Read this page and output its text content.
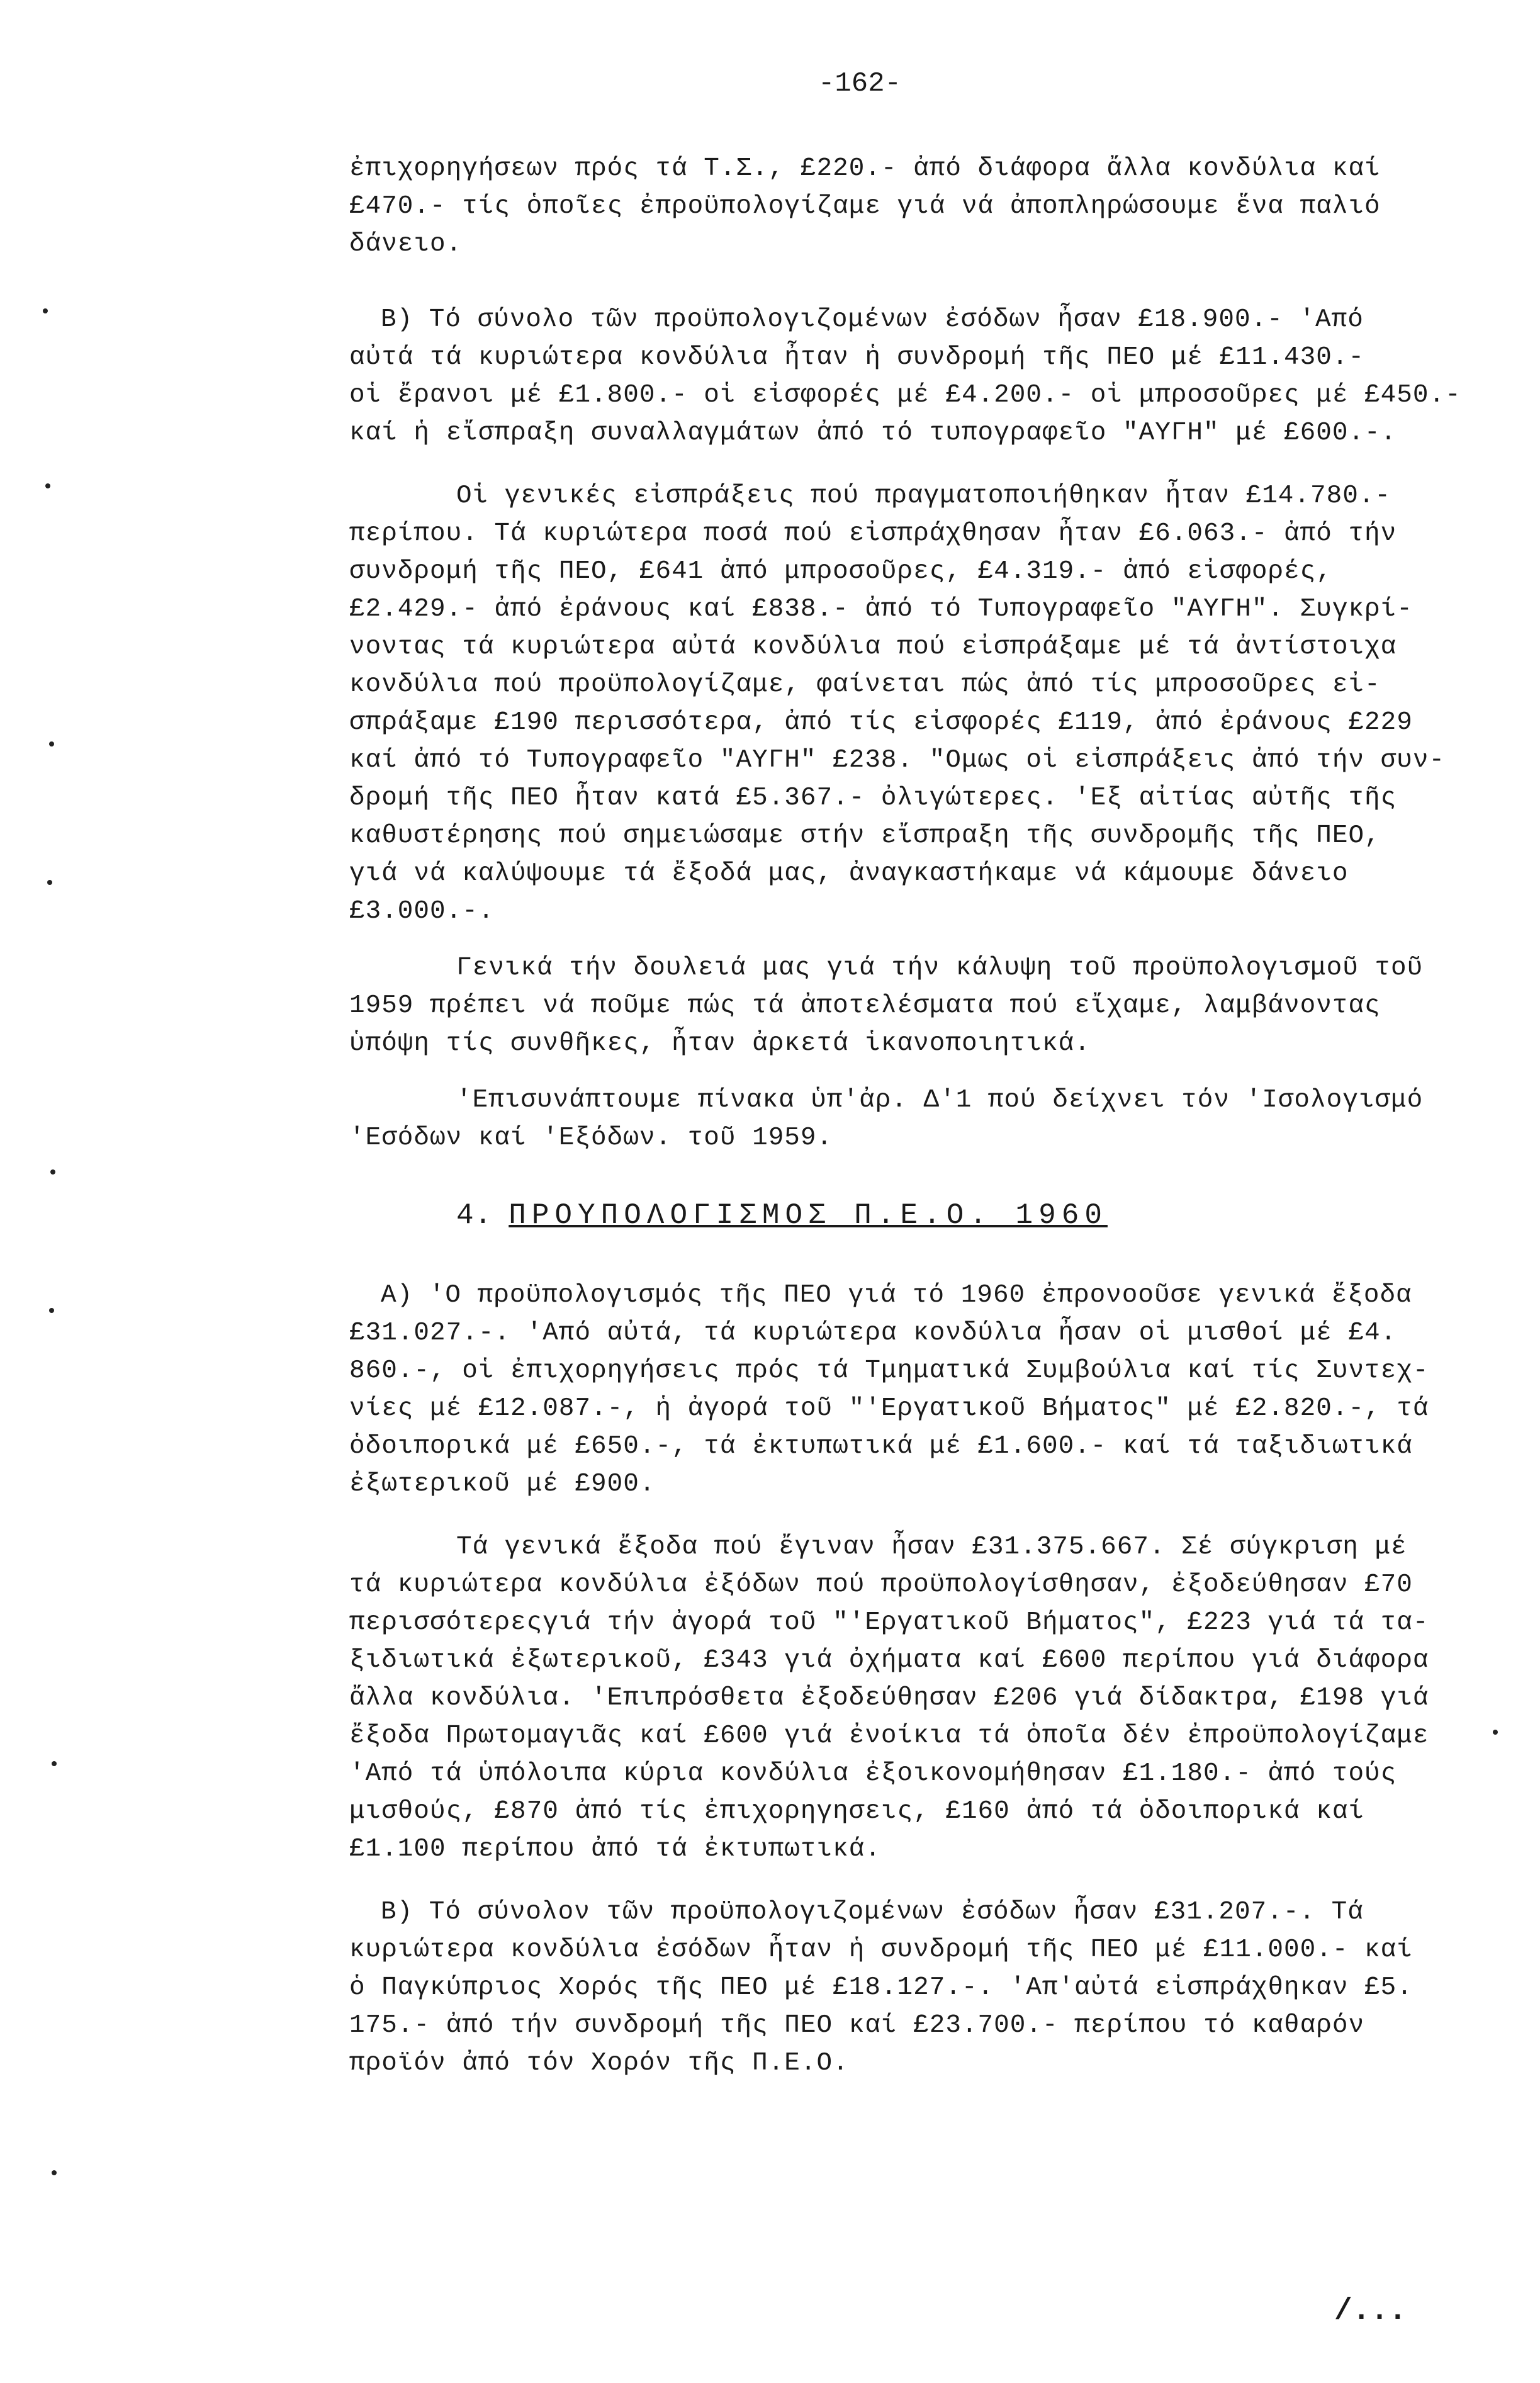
-162-
ἐπιχορηγήσεων πρός τά Τ.Σ., £220.- ἀπό διάφορα ἄλλα κονδύλια καί
£470.- τίς ὁποῖες ἐπροϋπολογίζαμε γιά νά ἀποπληρώσουμε ἕνα παλιό
δάνειο.
B) Τό σύνολο τῶν προϋπολογιζομένων ἐσόδων ἦσαν £18.900.- 'Από
αὐτά τά κυριώτερα κονδύλια ἦταν ἡ συνδρομή τῆς ΠΕΟ μέ £11.430.-
οἱ ἔρανοι μέ £1.800.- οἱ εἰσφορές μέ £4.200.- οἱ μπροσοῦρες μέ £450.-
καί ἡ εἴσπραξη συναλλαγμάτων ἀπό τό τυπογραφεῖο "ΑΥΓΗ" μέ £600.-.
Οἱ γενικές εἰσπράξεις πού πραγματοποιήθηκαν ἦταν £14.780.-
περίπου. Τά κυριώτερα ποσά πού εἰσπράχθησαν ἦταν £6.063.- ἀπό τήν
συνδρομή τῆς ΠΕΟ, £641 ἀπό μπροσοῦρες, £4.319.- ἀπό εἰσφορές,
£2.429.- ἀπό ἐράνους καί £838.- ἀπό τό Τυπογραφεῖο "ΑΥΓΗ". Συγκρί-
νοντας τά κυριώτερα αὐτά κονδύλια πού εἰσπράξαμε μέ τά ἀντίστοιχα
κονδύλια πού προϋπολογίζαμε, φαίνεται πώς ἀπό τίς μπροσοῦρες εἰ-
σπράξαμε £190 περισσότερα, ἀπό τίς εἰσφορές £119, ἀπό ἐράνους £229
καί ἀπό τό Τυπογραφεῖο "ΑΥΓΗ" £238. "Ομως οἱ εἰσπράξεις ἀπό τήν συν-
δρομή τῆς ΠΕΟ ἦταν κατά £5.367.- ὀλιγώτερες. 'Εξ αἰτίας αὐτῆς τῆς
καθυστέρησης πού σημειώσαμε στήν εἴσπραξη τῆς συνδρομῆς τῆς ΠΕΟ,
γιά νά καλύψουμε τά ἔξοδά μας, ἀναγκαστήκαμε νά κάμουμε δάνειο
£3.000.-.
Γενικά τήν δουλειά μας γιά τήν κάλυψη τοῦ προϋπολογισμοῦ τοῦ
1959 πρέπει νά ποῦμε πώς τά ἀποτελέσματα πού εἴχαμε, λαμβάνοντας
ὑπόψη τίς συνθῆκες, ἦταν ἀρκετά ἱκανοποιητικά.
'Επισυνάπτουμε πίνακα ὑπ'ἀρ. Δ'1 πού δείχνει τόν 'Ισολογισμό
'Εσόδων καί 'Εξόδων. τοῦ 1959.
4. ΠΡΟΥΠΟΛΟΓΙΣΜΟΣ Π.Ε.Ο. 1960
A) 'Ο προϋπολογισμός τῆς ΠΕΟ γιά τό 1960 ἐπρονοοῦσε γενικά ἔξοδα
£31.027.-. 'Από αὐτά, τά κυριώτερα κονδύλια ἦσαν οἱ μισθοί μέ £4.
860.-, οἱ ἐπιχορηγήσεις πρός τά Τμηματικά Συμβούλια καί τίς Συντεχ-
νίες μέ £12.087.-, ἡ ἀγορά τοῦ "'Εργατικοῦ Βήματος" μέ £2.820.-, τά
ὁδοιπορικά μέ £650.-, τά ἐκτυπωτικά μέ £1.600.- καί τά ταξιδιωτικά
ἐξωτερικοῦ μέ £900.
Τά γενικά ἔξοδα πού ἔγιναν ἦσαν £31.375.667. Σέ σύγκριση μέ
τά κυριώτερα κονδύλια ἐξόδων πού προϋπολογίσθησαν, ἐξοδεύθησαν £70
περισσότερεςγιά τήν ἀγορά τοῦ "'Εργατικοῦ Βήματος", £223 γιά τά τα-
ξιδιωτικά ἐξωτερικοῦ, £343 γιά ὀχήματα καί £600 περίπου γιά διάφορα
ἄλλα κονδύλια. 'Επιπρόσθετα ἐξοδεύθησαν £206 γιά δίδακτρα, £198 γιά
ἔξοδα Πρωτομαγιᾶς καί £600 γιά ἐνοίκια τά ὁποῖα δέν ἐπροϋπολογίζαμε
'Από τά ὑπόλοιπα κύρια κονδύλια ἐξοικονομήθησαν £1.180.- ἀπό τούς
μισθούς, £870 ἀπό τίς ἐπιχορηγησεις, £160 ἀπό τά ὁδοιπορικά καί
£1.100 περίπου ἀπό τά ἐκτυπωτικά.
B) Τό σύνολον τῶν προϋπολογιζομένων ἐσόδων ἦσαν £31.207.-. Τά
κυριώτερα κονδύλια ἐσόδων ἦταν ἡ συνδρομή τῆς ΠΕΟ μέ £11.000.- καί
ὁ Παγκύπριος Χορός τῆς ΠΕΟ μέ £18.127.-. 'Απ'αὐτά εἰσπράχθηκαν £5.
175.- ἀπό τήν συνδρομή τῆς ΠΕΟ καί £23.700.- περίπου τό καθαρόν
προϊόν ἀπό τόν Χορόν τῆς Π.Ε.Ο.
/...
